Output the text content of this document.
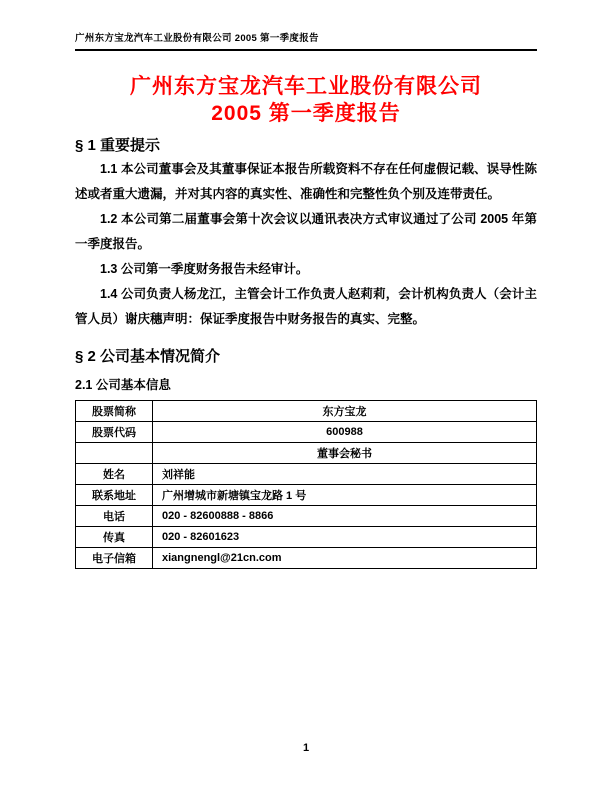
广州东方宝龙汽车工业股份有限公司 2005 第一季度报告
广州东方宝龙汽车工业股份有限公司
2005 第一季度报告
§ 1 重要提示

1.1 本公司董事会及其董事保证本报告所载资料不存在任何虚假记载、误导性陈述或者重大遗漏，并对其内容的真实性、准确性和完整性负个别及连带责任。

1.2 本公司第二届董事会第十次会议以通讯表决方式审议通过了公司 2005 年第一季度报告。

1.3 公司第一季度财务报告未经审计。

1.4 公司负责人杨龙江，主管会计工作负责人赵莉莉，会计机构负责人（会计主管人员）谢庆穗声明：保证季度报告中财务报告的真实、完整。

§ 2 公司基本情况简介
2.1 公司基本信息
股票简称	东方宝龙
股票代码	600988
	董事会秘书
姓名	刘祥能
联系地址	广州增城市新塘镇宝龙路 1 号
电话	020 - 82600888 - 8866
传真	020 - 82601623
电子信箱	xiangnengl@21cn.com
1
